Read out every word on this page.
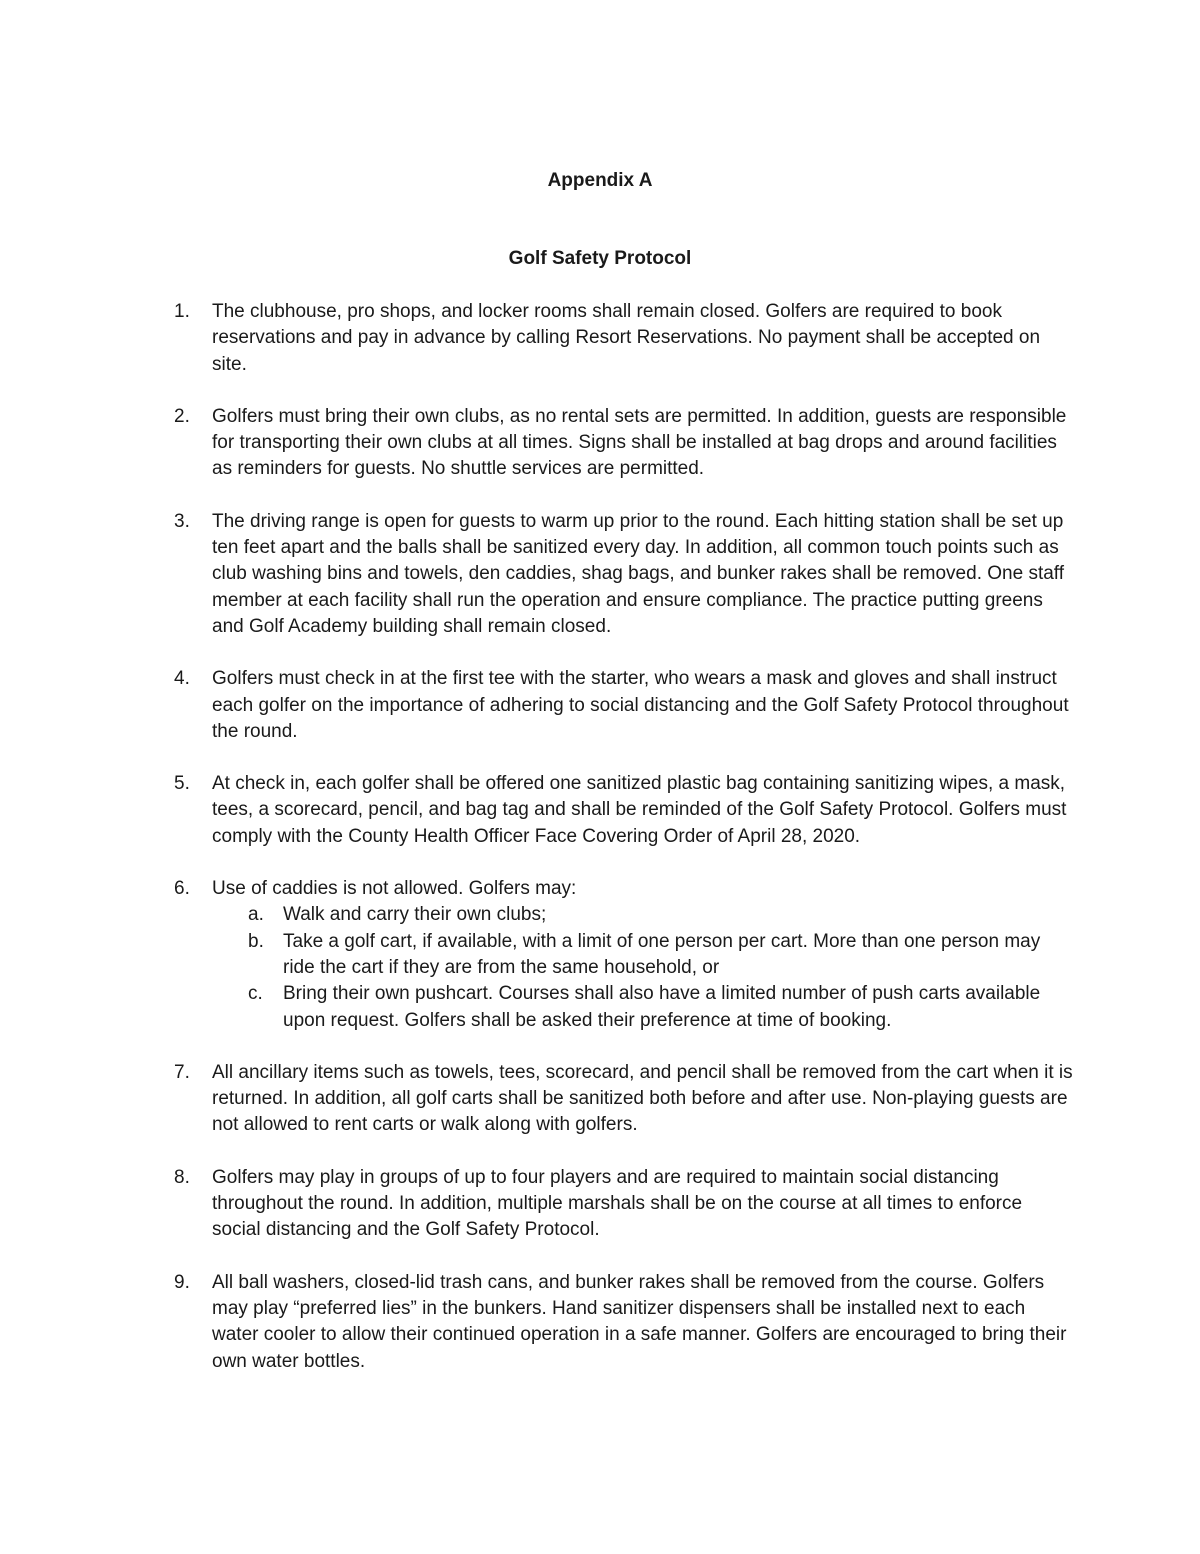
Appendix A
Golf Safety Protocol
1.	The clubhouse, pro shops, and locker rooms shall remain closed. Golfers are required to book reservations and pay in advance by calling Resort Reservations. No payment shall be accepted on site.
2.	Golfers must bring their own clubs, as no rental sets are permitted. In addition, guests are responsible for transporting their own clubs at all times. Signs shall be installed at bag drops and around facilities as reminders for guests. No shuttle services are permitted.
3.	The driving range is open for guests to warm up prior to the round. Each hitting station shall be set up ten feet apart and the balls shall be sanitized every day. In addition, all common touch points such as club washing bins and towels, den caddies, shag bags, and bunker rakes shall be removed. One staff member at each facility shall run the operation and ensure compliance. The practice putting greens and Golf Academy building shall remain closed.
4.	Golfers must check in at the first tee with the starter, who wears a mask and gloves and shall instruct each golfer on the importance of adhering to social distancing and the Golf Safety Protocol throughout the round.
5.	At check in, each golfer shall be offered one sanitized plastic bag containing sanitizing wipes, a mask, tees, a scorecard, pencil, and bag tag and shall be reminded of the Golf Safety Protocol. Golfers must comply with the County Health Officer Face Covering Order of April 28, 2020.
6.	Use of caddies is not allowed. Golfers may:
a. Walk and carry their own clubs;
b. Take a golf cart, if available, with a limit of one person per cart. More than one person may ride the cart if they are from the same household, or
c. Bring their own pushcart. Courses shall also have a limited number of push carts available upon request. Golfers shall be asked their preference at time of booking.
7.	All ancillary items such as towels, tees, scorecard, and pencil shall be removed from the cart when it is returned. In addition, all golf carts shall be sanitized both before and after use. Non-playing guests are not allowed to rent carts or walk along with golfers.
8.	Golfers may play in groups of up to four players and are required to maintain social distancing throughout the round. In addition, multiple marshals shall be on the course at all times to enforce social distancing and the Golf Safety Protocol.
9.	All ball washers, closed-lid trash cans, and bunker rakes shall be removed from the course. Golfers may play “preferred lies” in the bunkers. Hand sanitizer dispensers shall be installed next to each water cooler to allow their continued operation in a safe manner. Golfers are encouraged to bring their own water bottles.
